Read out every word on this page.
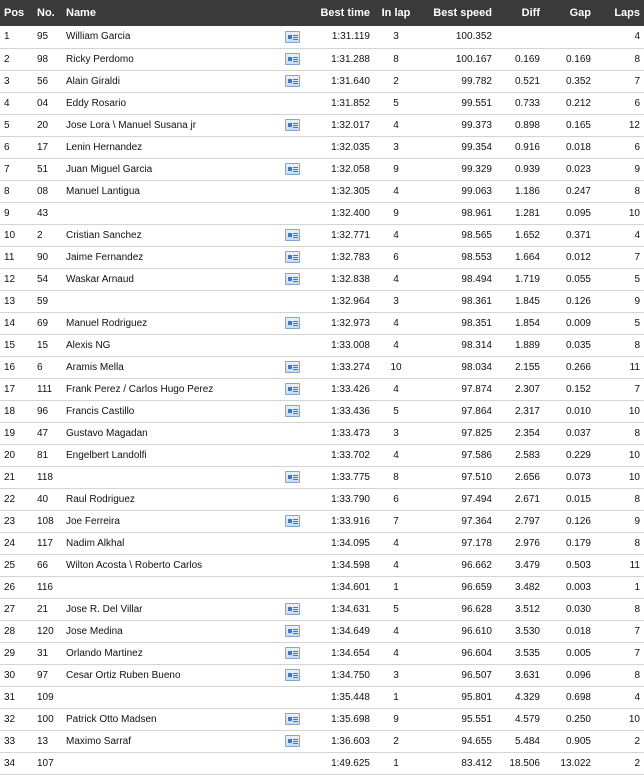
Pos	No.	Name		Best time	In lap	Best speed	Diff	Gap	Laps
1	95	William Garcia		1:31.119	3	100.352			4
2	98	Ricky Perdomo		1:31.288	8	100.167	0.169	0.169	8
3	56	Alain Giraldi		1:31.640	2	99.782	0.521	0.352	7
4	04	Eddy Rosario		1:31.852	5	99.551	0.733	0.212	6
5	20	Jose Lora \ Manuel Susana jr		1:32.017	4	99.373	0.898	0.165	12
6	17	Lenin Hernandez		1:32.035	3	99.354	0.916	0.018	6
7	51	Juan Miguel Garcia		1:32.058	9	99.329	0.939	0.023	9
8	08	Manuel Lantigua		1:32.305	4	99.063	1.186	0.247	8
9	43			1:32.400	9	98.961	1.281	0.095	10
10	2	Cristian Sanchez		1:32.771	4	98.565	1.652	0.371	4
11	90	Jaime Fernandez		1:32.783	6	98.553	1.664	0.012	7
12	54	Waskar Arnaud		1:32.838	4	98.494	1.719	0.055	5
13	59			1:32.964	3	98.361	1.845	0.126	9
14	69	Manuel Rodriguez		1:32.973	4	98.351	1.854	0.009	5
15	15	Alexis NG		1:33.008	4	98.314	1.889	0.035	8
16	6	Aramis Mella		1:33.274	10	98.034	2.155	0.266	11
17	111	Frank Perez / Carlos Hugo Perez		1:33.426	4	97.874	2.307	0.152	7
18	96	Francis Castillo		1:33.436	5	97.864	2.317	0.010	10
19	47	Gustavo Magadan		1:33.473	3	97.825	2.354	0.037	8
20	81	Engelbert Landolfi		1:33.702	4	97.586	2.583	0.229	10
21	118			1:33.775	8	97.510	2.656	0.073	10
22	40	Raul Rodriguez		1:33.790	6	97.494	2.671	0.015	8
23	108	Joe Ferreira		1:33.916	7	97.364	2.797	0.126	9
24	117	Nadim Alkhal		1:34.095	4	97.178	2.976	0.179	8
25	66	Wilton Acosta \ Roberto Carlos		1:34.598	4	96.662	3.479	0.503	11
26	116			1:34.601	1	96.659	3.482	0.003	1
27	21	Jose R. Del Villar		1:34.631	5	96.628	3.512	0.030	8
28	120	Jose Medina		1:34.649	4	96.610	3.530	0.018	7
29	31	Orlando Martinez		1:34.654	4	96.604	3.535	0.005	7
30	97	Cesar Ortiz Ruben Bueno		1:34.750	3	96.507	3.631	0.096	8
31	109			1:35.448	1	95.801	4.329	0.698	4
32	100	Patrick Otto Madsen		1:35.698	9	95.551	4.579	0.250	10
33	13	Maximo Sarraf		1:36.603	2	94.655	5.484	0.905	2
34	107			1:49.625	1	83.412	18.506	13.022	2
